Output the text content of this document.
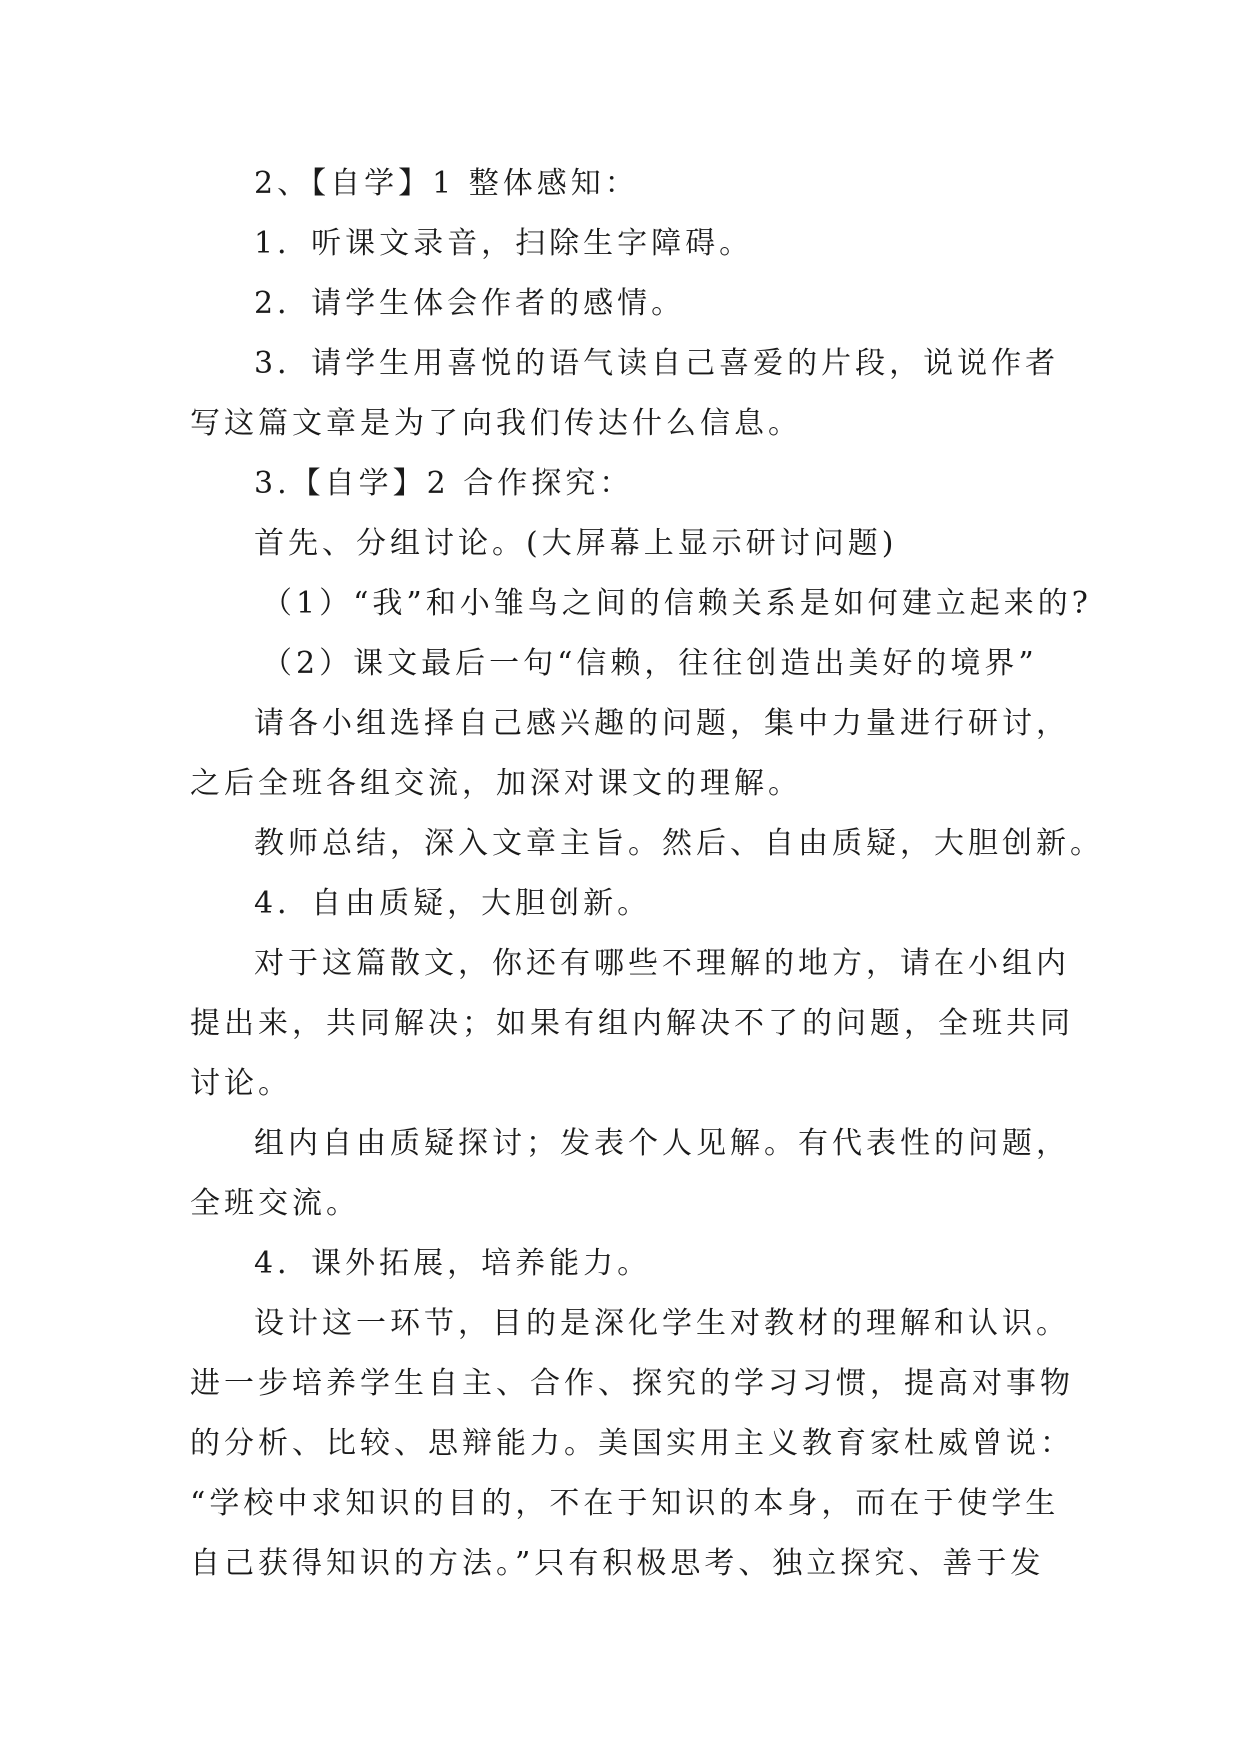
2、【自学】1 整体感知：
1．听课文录音，扫除生字障碍。
2．请学生体会作者的感情。
3．请学生用喜悦的语气读自己喜爱的片段，说说作者
写这篇文章是为了向我们传达什么信息。
3.【自学】2 合作探究：
首先、分组讨论。(大屏幕上显示研讨问题)
（1）“我”和小雏鸟之间的信赖关系是如何建立起来的?
（2）课文最后一句“信赖，往往创造出美好的境界”
请各小组选择自己感兴趣的问题，集中力量进行研讨，
之后全班各组交流，加深对课文的理解。
教师总结，深入文章主旨。然后、自由质疑，大胆创新。
4．自由质疑，大胆创新。
对于这篇散文，你还有哪些不理解的地方，请在小组内
提出来，共同解决；如果有组内解决不了的问题，全班共同
讨论。
组内自由质疑探讨；发表个人见解。有代表性的问题，
全班交流。
4．课外拓展，培养能力。
设计这一环节，目的是深化学生对教材的理解和认识。
进一步培养学生自主、合作、探究的学习习惯，提高对事物
的分析、比较、思辩能力。美国实用主义教育家杜威曾说：
“学校中求知识的目的，不在于知识的本身，而在于使学生
自己获得知识的方法。”只有积极思考、独立探究、善于发
